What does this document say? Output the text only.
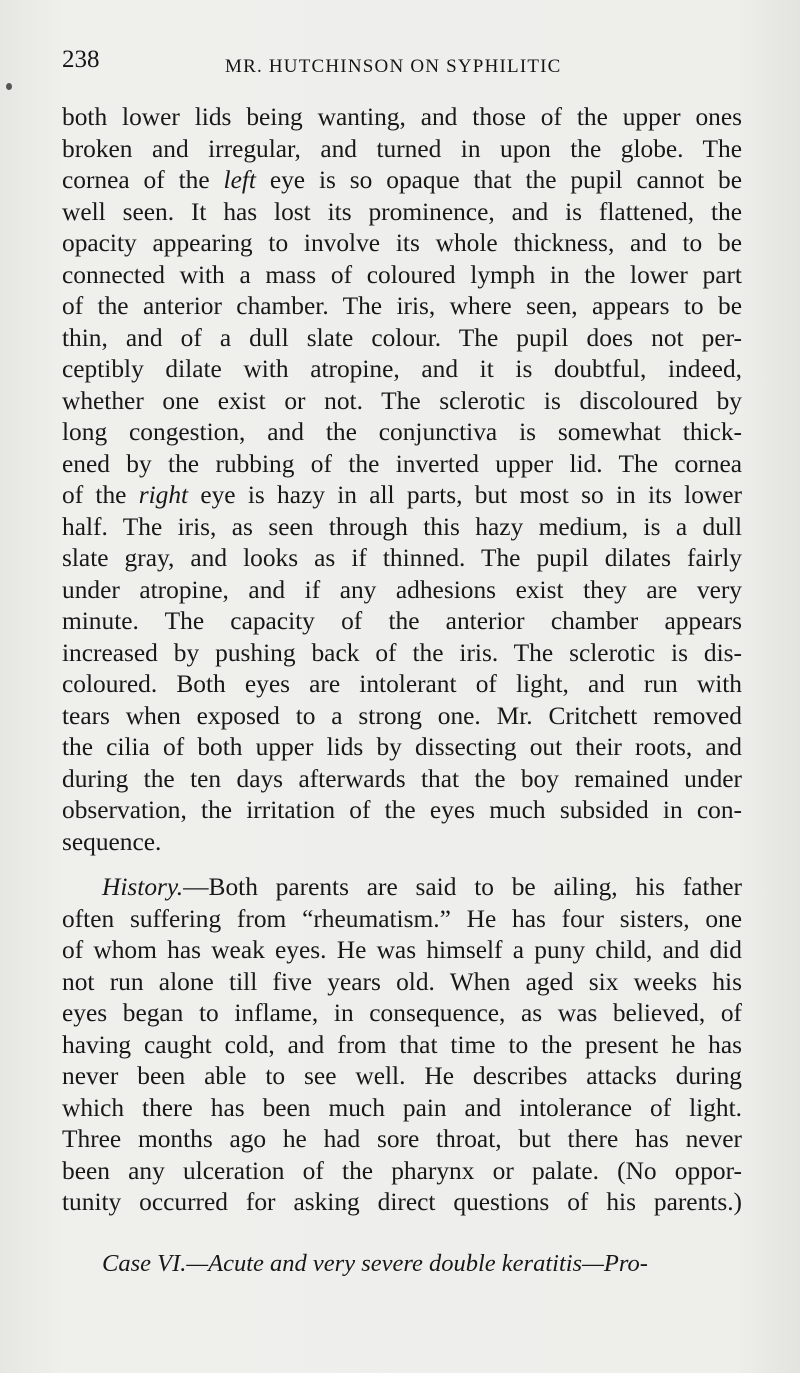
238	MR. HUTCHINSON ON SYPHILITIC

both lower lids being wanting, and those of the upper ones
broken and irregular, and turned in upon the globe. The
cornea of the left eye is so opaque that the pupil cannot be
well seen. It has lost its prominence, and is flattened, the
opacity appearing to involve its whole thickness, and to be
connected with a mass of coloured lymph in the lower part
of the anterior chamber. The iris, where seen, appears to be
thin, and of a dull slate colour. The pupil does not per-
ceptibly dilate with atropine, and it is doubtful, indeed,
whether one exist or not. The sclerotic is discoloured by
long congestion, and the conjunctiva is somewhat thick-
ened by the rubbing of the inverted upper lid. The cornea
of the right eye is hazy in all parts, but most so in its lower
half. The iris, as seen through this hazy medium, is a dull
slate gray, and looks as if thinned. The pupil dilates fairly
under atropine, and if any adhesions exist they are very
minute. The capacity of the anterior chamber appears
increased by pushing back of the iris. The sclerotic is dis-
coloured. Both eyes are intolerant of light, and run with
tears when exposed to a strong one. Mr. Critchett removed
the cilia of both upper lids by dissecting out their roots, and
during the ten days afterwards that the boy remained under
observation, the irritation of the eyes much subsided in con-
sequence.

History.—Both parents are said to be ailing, his father
often suffering from “rheumatism.” He has four sisters, one
of whom has weak eyes. He was himself a puny child, and did
not run alone till five years old. When aged six weeks his
eyes began to inflame, in consequence, as was believed, of
having caught cold, and from that time to the present he has
never been able to see well. He describes attacks during
which there has been much pain and intolerance of light.
Three months ago he had sore throat, but there has never
been any ulceration of the pharynx or palate. (No oppor-
tunity occurred for asking direct questions of his parents.)

Case VI.—Acute and very severe double keratitis—Pro-
